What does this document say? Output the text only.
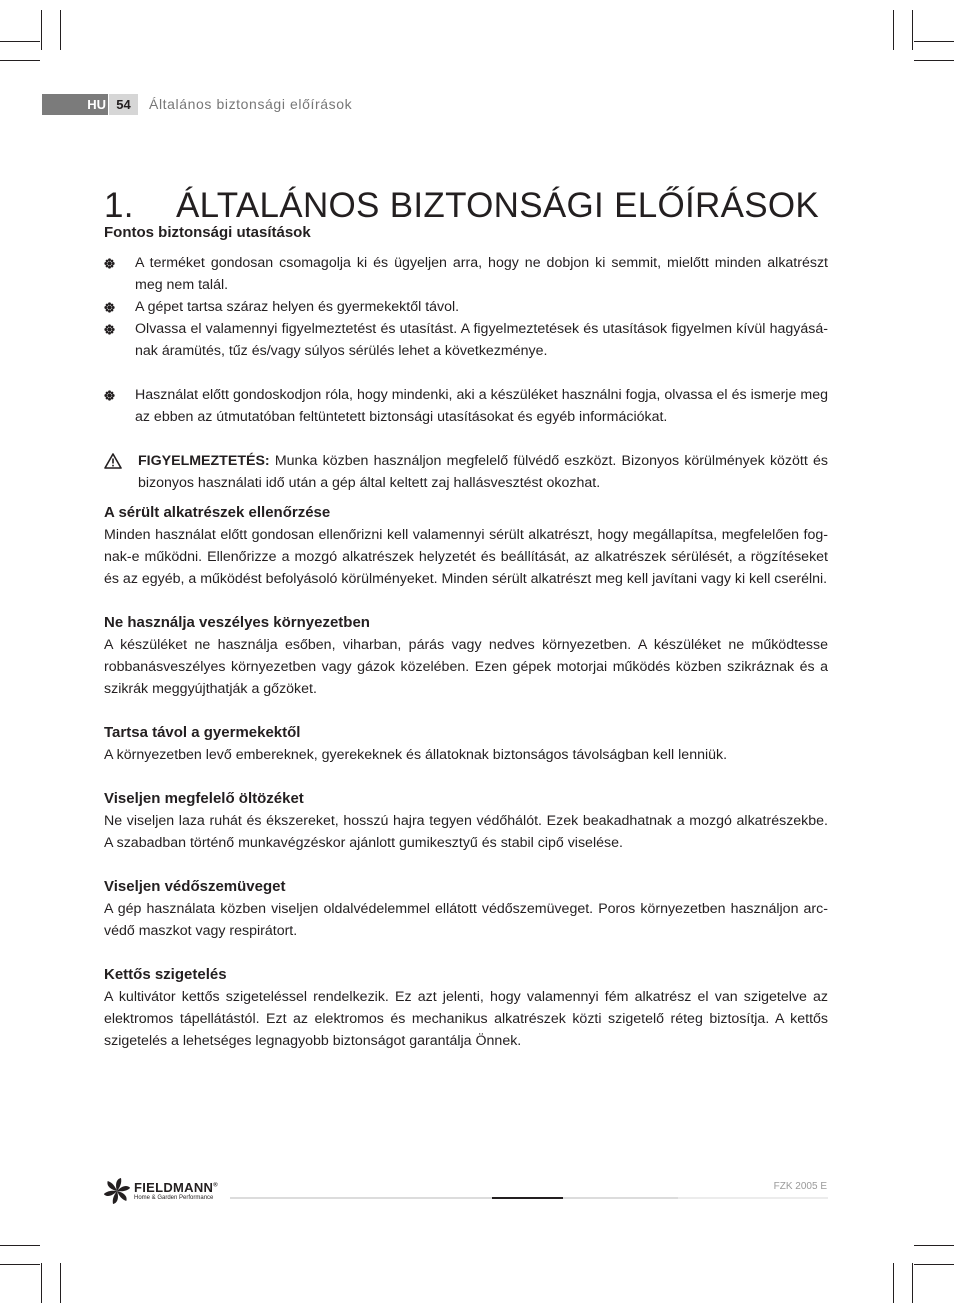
HU 54	Általános biztonsági előírások
1. ÁLTALÁNOS BIZTONSÁGI ELŐÍRÁSOK
Fontos biztonsági utasítások
A terméket gondosan csomagolja ki és ügyeljen arra, hogy ne dobjon ki semmit, mielőtt minden alkatrészt meg nem talál.
A gépet tartsa száraz helyen és gyermekektől távol.
Olvassa el valamennyi figyelmeztetést és utasítást. A figyelmeztetések és utasítások figyelmen kívül hagyásának áramütés, tűz és/vagy súlyos sérülés lehet a következménye.
Használat előtt gondoskodjon róla, hogy mindenki, aki a készüléket használni fogja, olvassa el és ismerje meg az ebben az útmutatóban feltüntetett biztonsági utasításokat és egyéb információkat.
FIGYELMEZTETÉS: Munka közben használjon megfelelő fülvédő eszközt. Bizonyos körülmények között és bizonyos használati idő után a gép által keltett zaj hallásvesztést okozhat.
A sérült alkatrészek ellenőrzése

Minden használat előtt gondosan ellenőrizni kell valamennyi sérült alkatrészt, hogy megállapítsa, megfelelően fognak-e működni. Ellenőrizze a mozgó alkatrészek helyzetét és beállítását, az alkatrészek sérülését, a rögzítéseket és az egyéb, a működést befolyásoló körülményeket. Minden sérült alkatrészt meg kell javítani vagy ki kell cserélni.

Ne használja veszélyes környezetben

A készüléket ne használja esőben, viharban, párás vagy nedves környezetben. A készüléket ne működtesse robbanásveszélyes környezetben vagy gázok közelében. Ezen gépek motorjai működés közben szikráznak és a szikrák meggyújthatják a gőzöket.

Tartsa távol a gyermekektől

A környezetben levő embereknek, gyerekeknek és állatoknak biztonságos távolságban kell lenniük.

Viseljen megfelelő öltözéket

Ne viseljen laza ruhát és ékszereket, hosszú hajra tegyen védőhálót. Ezek beakadhatnak a mozgó alkatrészekbe. A szabadban történő munkavégzéskor ajánlott gumikesztyű és stabil cipő viselése.

Viseljen védőszemüveget

A gép használata közben viseljen oldalvédelemmel ellátott védőszemüveget. Poros környezetben használjon arcvédő maszkot vagy respirátort.

Kettős szigetelés

A kultivátor kettős szigeteléssel rendelkezik. Ez azt jelenti, hogy valamennyi fém alkatrész el van szigetelve az elektromos tápellátástól. Ezt az elektromos és mechanikus alkatrészek közti szigetelő réteg biztosítja. A kettős szigetelés a lehetséges legnagyobb biztonságot garantálja Önnek.

FIELDMANN®
Home & Garden Performance
FZK 2005 E
